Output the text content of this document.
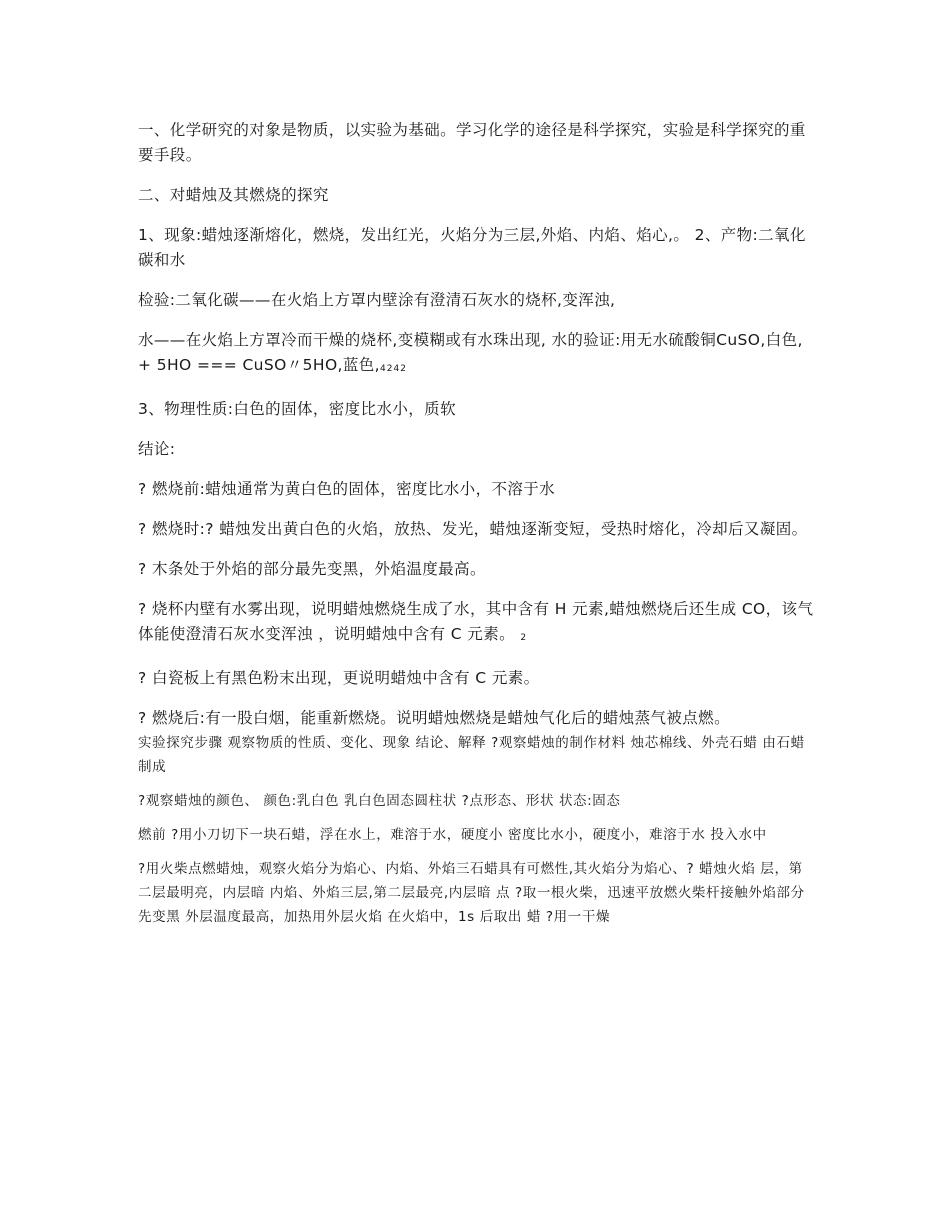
一、化学研究的对象是物质，以实验为基础。学习化学的途径是科学探究，实验是科学探究的重要手段。

二、对蜡烛及其燃烧的探究

1、现象:蜡烛逐渐熔化，燃烧，发出红光，火焰分为三层,外焰、内焰、焰心,。 2、产物:二氧化碳和水

检验:二氧化碳——在火焰上方罩内壁涂有澄清石灰水的烧杯,变浑浊,

水——在火焰上方罩冷而干燥的烧杯,变模糊或有水珠出现, 水的验证:用无水硫酸铜CuSO,白色,+ 5HO === CuSO〃5HO,蓝色,4242

3、物理性质:白色的固体，密度比水小，质软

结论:

? 燃烧前:蜡烛通常为黄白色的固体，密度比水小，不溶于水

? 燃烧时:? 蜡烛发出黄白色的火焰，放热、发光，蜡烛逐渐变短，受热时熔化，冷却后又凝固。

? 木条处于外焰的部分最先变黑，外焰温度最高。

? 烧杯内壁有水雾出现，说明蜡烛燃烧生成了水，其中含有 H 元素,蜡烛燃烧后还生成 CO，该气体能使澄清石灰水变浑浊 ，说明蜡烛中含有 C 元素。 2

? 白瓷板上有黑色粉末出现，更说明蜡烛中含有 C 元素。

? 燃烧后:有一股白烟，能重新燃烧。说明蜡烛燃烧是蜡烛气化后的蜡烛蒸气被点燃。

实验探究步骤 观察物质的性质、变化、现象 结论、解释 ?观察蜡烛的制作材料 烛芯棉线、外壳石蜡 由石蜡制成

?观察蜡烛的颜色、 颜色:乳白色 乳白色固态圆柱状 ?点形态、形状 状态:固态

燃前 ?用小刀切下一块石蜡，浮在水上，难溶于水，硬度小 密度比水小，硬度小，难溶于水 投入水中

?用火柴点燃蜡烛，观察火焰分为焰心、内焰、外焰三石蜡具有可燃性,其火焰分为焰心、? 蜡烛火焰 层，第二层最明亮，内层暗 内焰、外焰三层,第二层最亮,内层暗 点 ?取一根火柴，迅速平放燃火柴杆接触外焰部分先变黑 外层温度最高，加热用外层火焰 在火焰中，1s 后取出 蜡 ?用一干燥
